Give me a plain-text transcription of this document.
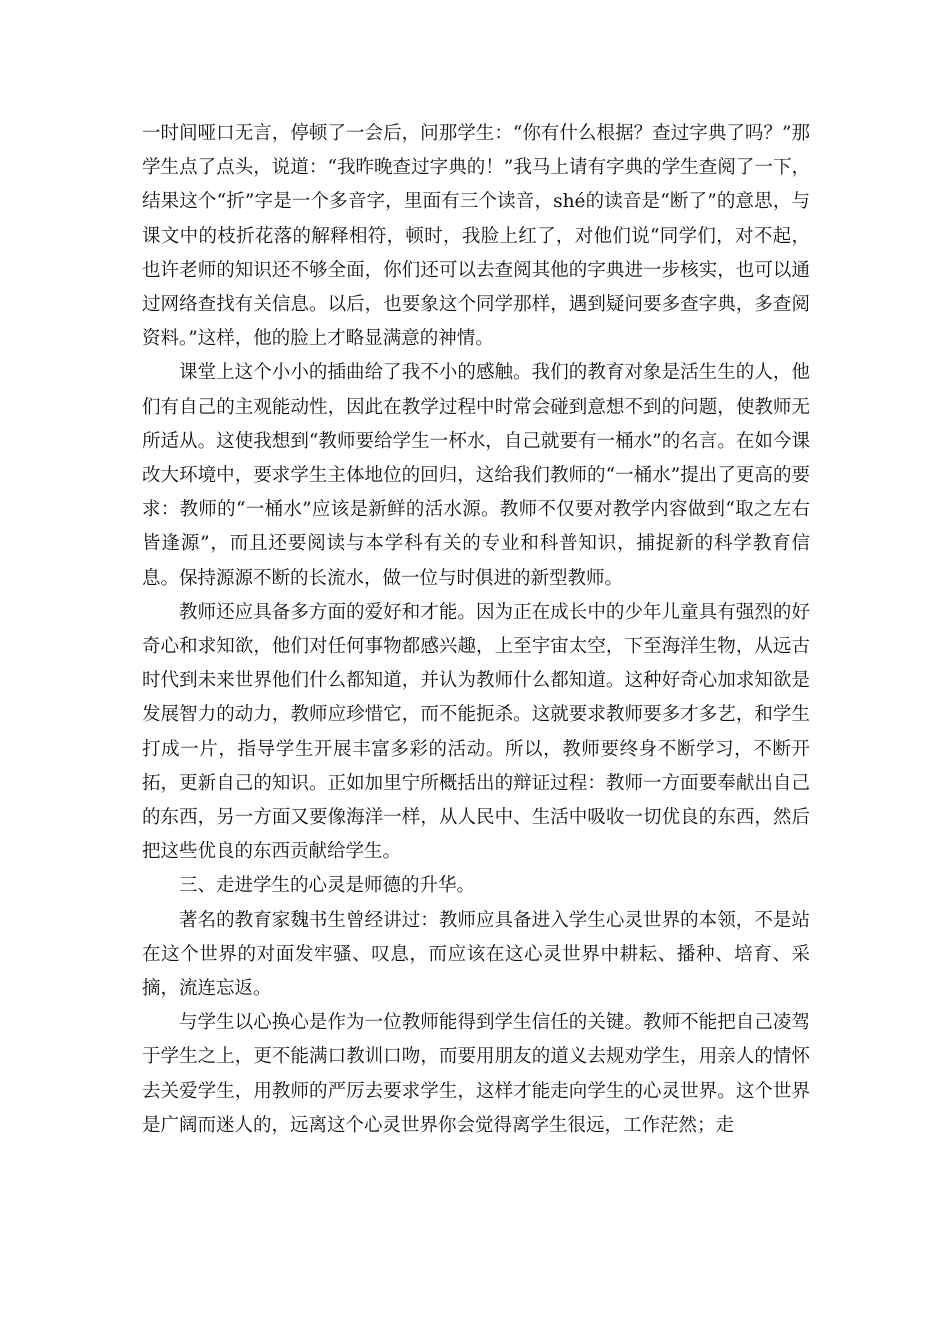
一时间哑口无言，停顿了一会后，问那学生：“你有什么根据？查过字典了吗？”那学生点了点头，说道：“我昨晚查过字典的！”我马上请有字典的学生查阅了一下，结果这个“折”字是一个多音字，里面有三个读音，shé的读音是“断了”的意思，与课文中的枝折花落的解释相符，顿时，我脸上红了，对他们说“同学们，对不起，也许老师的知识还不够全面，你们还可以去查阅其他的字典进一步核实，也可以通过网络查找有关信息。以后，也要象这个同学那样，遇到疑问要多查字典，多查阅资料。”这样，他的脸上才略显满意的神情。

课堂上这个小小的插曲给了我不小的感触。我们的教育对象是活生生的人，他们有自己的主观能动性，因此在教学过程中时常会碰到意想不到的问题，使教师无所适从。这使我想到“教师要给学生一杯水，自己就要有一桶水”的名言。在如今课改大环境中，要求学生主体地位的回归，这给我们教师的“一桶水”提出了更高的要求：教师的“一桶水”应该是新鲜的活水源。教师不仅要对教学内容做到“取之左右皆逢源”，而且还要阅读与本学科有关的专业和科普知识，捕捉新的科学教育信息。保持源源不断的长流水，做一位与时俱进的新型教师。

教师还应具备多方面的爱好和才能。因为正在成长中的少年儿童具有强烈的好奇心和求知欲，他们对任何事物都感兴趣，上至宇宙太空，下至海洋生物，从远古时代到未来世界他们什么都知道，并认为教师什么都知道。这种好奇心加求知欲是发展智力的动力，教师应珍惜它，而不能扼杀。这就要求教师要多才多艺，和学生打成一片，指导学生开展丰富多彩的活动。所以，教师要终身不断学习，不断开拓，更新自己的知识。正如加里宁所概括出的辩证过程：教师一方面要奉献出自己的东西，另一方面又要像海洋一样，从人民中、生活中吸收一切优良的东西，然后把这些优良的东西贡献给学生。

三、走进学生的心灵是师德的升华。

著名的教育家魏书生曾经讲过：教师应具备进入学生心灵世界的本领，不是站在这个世界的对面发牢骚、叹息，而应该在这心灵世界中耕耘、播种、培育、采摘，流连忘返。

与学生以心换心是作为一位教师能得到学生信任的关键。教师不能把自己凌驾于学生之上，更不能满口教训口吻，而要用朋友的道义去规劝学生，用亲人的情怀去关爱学生，用教师的严厉去要求学生，这样才能走向学生的心灵世界。这个世界是广阔而迷人的，远离这个心灵世界你会觉得离学生很远，工作茫然；走
